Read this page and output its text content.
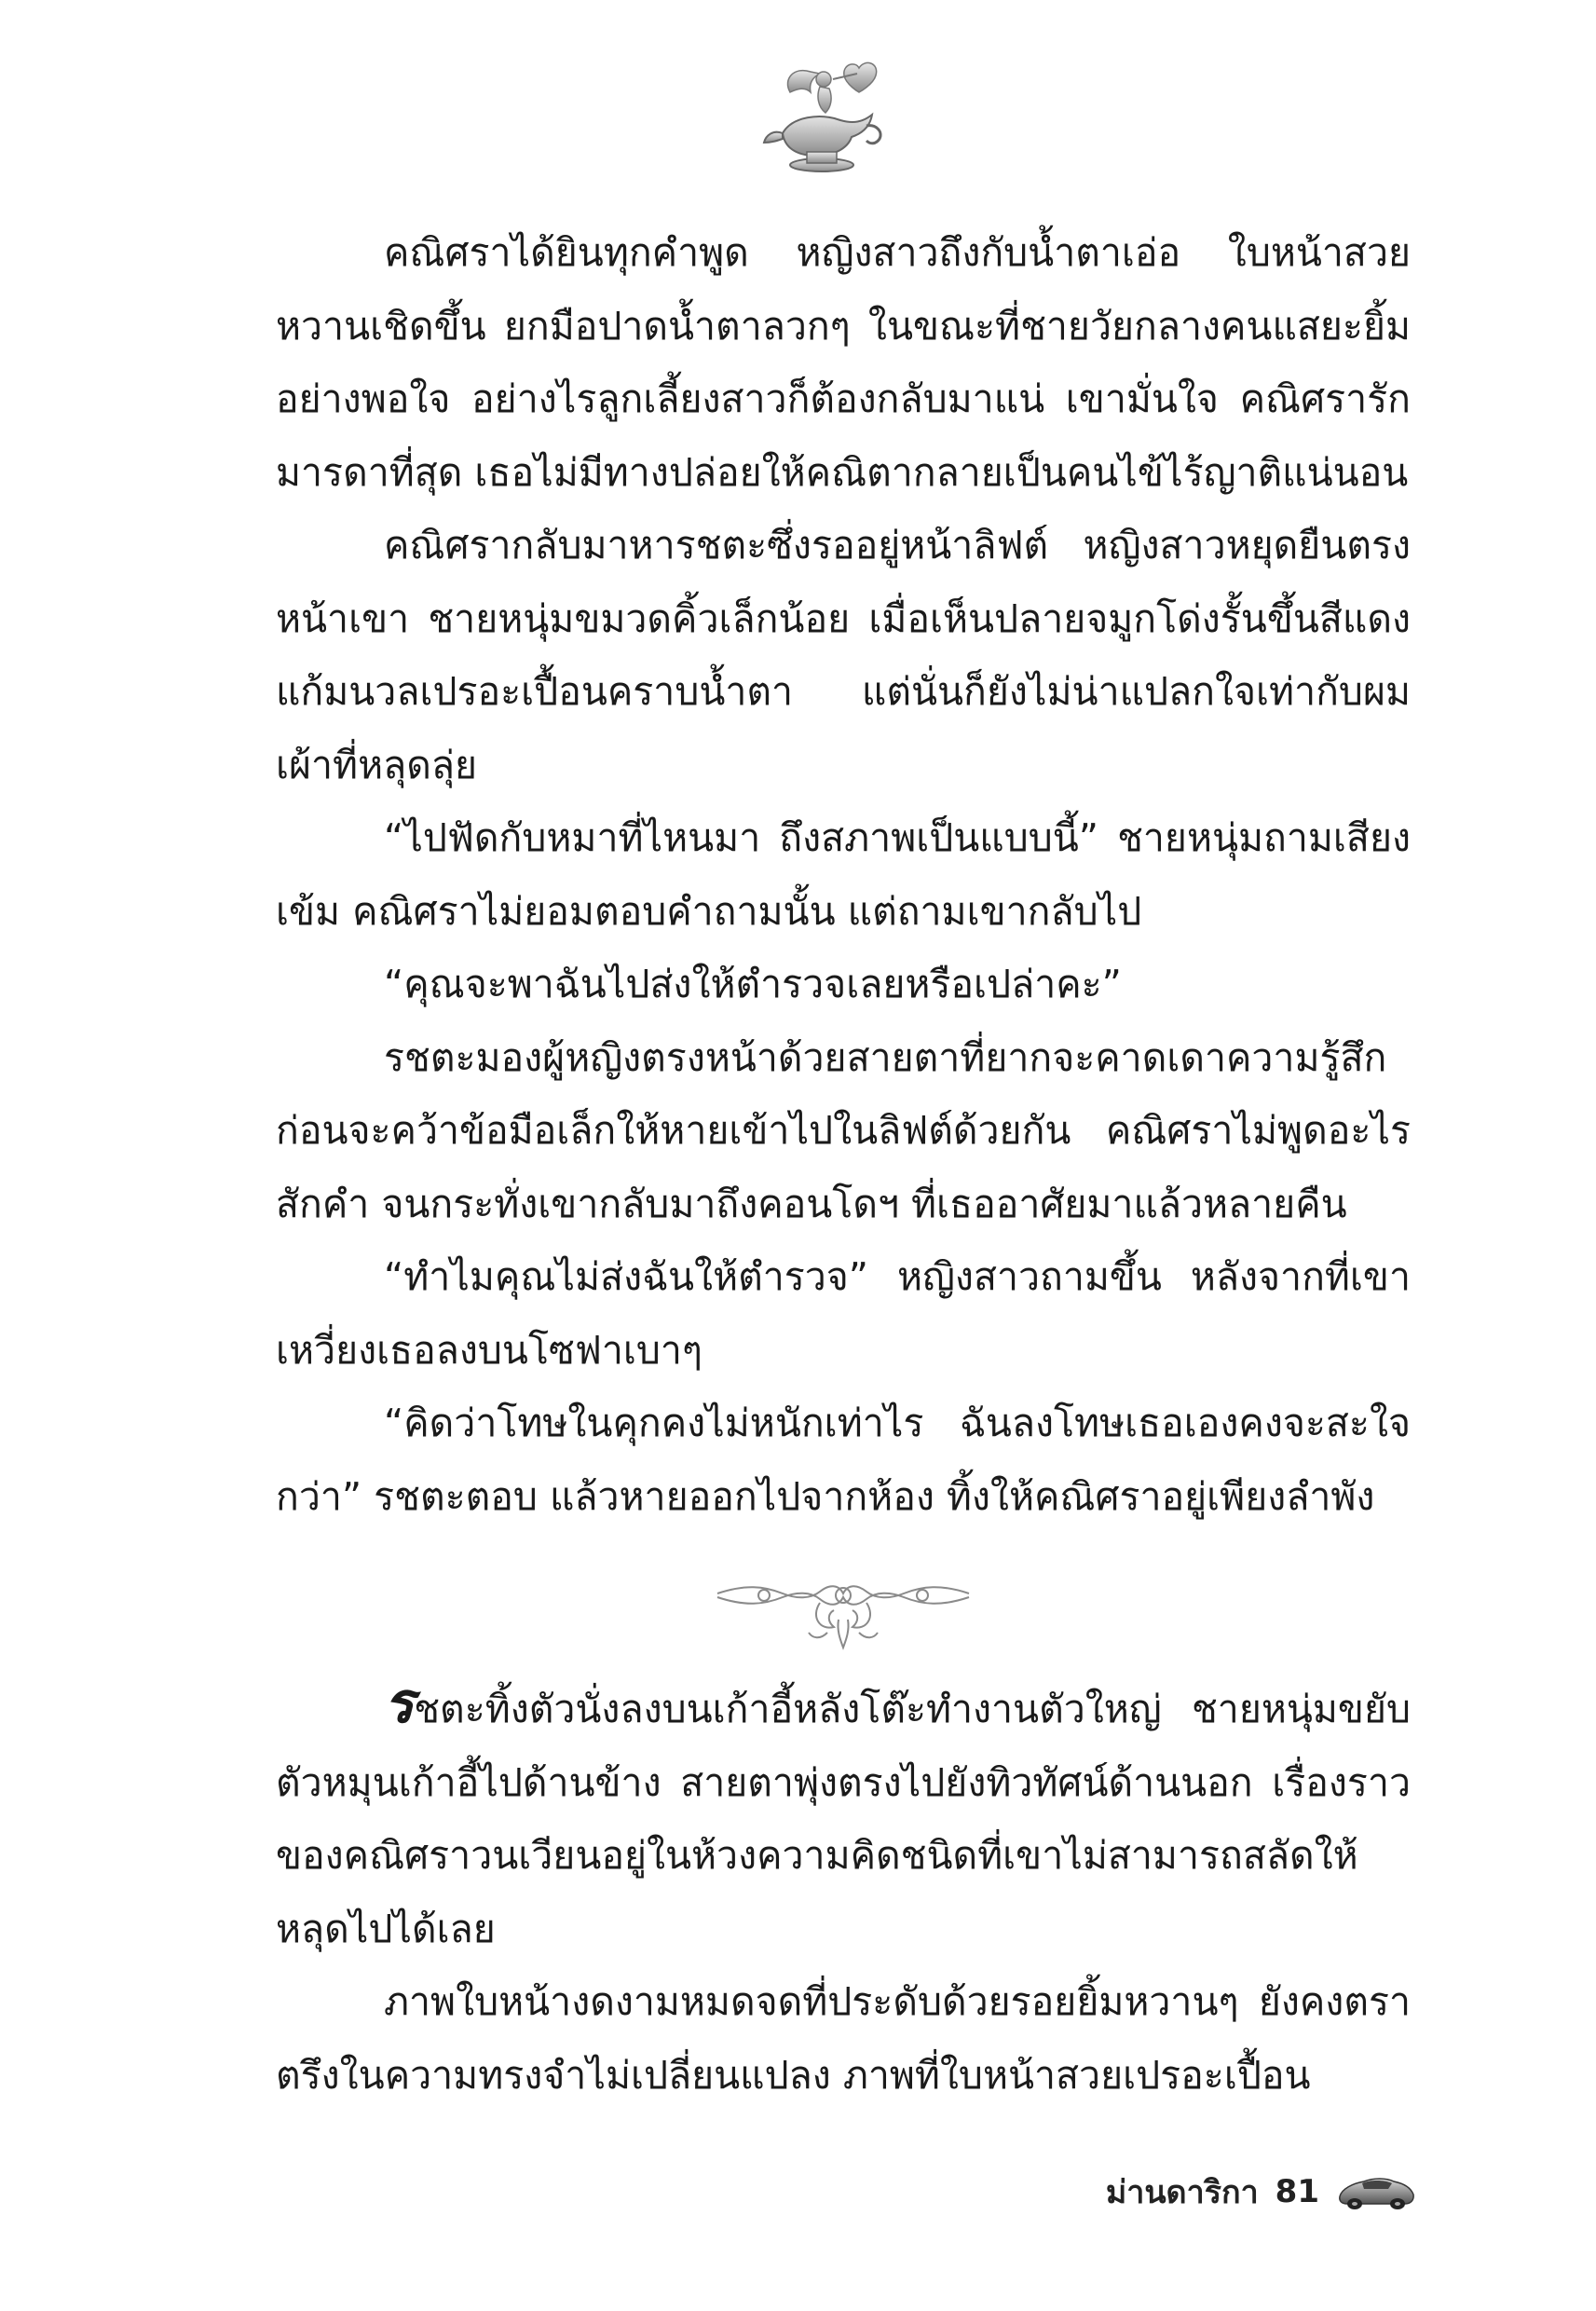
คณิศราได้ยินทุกคำพูด หญิงสาวถึงกับน้ำตาเอ่อ ใบหน้าสวยหวานเชิดขึ้น ยกมือปาดน้ำตาลวกๆ ในขณะที่ชายวัยกลางคนแสยะยิ้มอย่างพอใจ อย่างไรลูกเลี้ยงสาวก็ต้องกลับมาแน่ เขามั่นใจ คณิศรารักมารดาที่สุด เธอไม่มีทางปล่อยให้คณิตากลายเป็นคนไข้ไร้ญาติแน่นอน

คณิศรากลับมาหารชตะซึ่งรออยู่หน้าลิฟต์ หญิงสาวหยุดยืนตรงหน้าเขา ชายหนุ่มขมวดคิ้วเล็กน้อย เมื่อเห็นปลายจมูกโด่งรั้นขึ้นสีแดง แก้มนวลเปรอะเปื้อนคราบน้ำตา แต่นั่นก็ยังไม่น่าแปลกใจเท่ากับผมเผ้าที่หลุดลุ่ย

“ไปฟัดกับหมาที่ไหนมา ถึงสภาพเป็นแบบนี้” ชายหนุ่มถามเสียงเข้ม คณิศราไม่ยอมตอบคำถามนั้น แต่ถามเขากลับไป

“คุณจะพาฉันไปส่งให้ตำรวจเลยหรือเปล่าคะ”

รชตะมองผู้หญิงตรงหน้าด้วยสายตาที่ยากจะคาดเดาความรู้สึกก่อนจะคว้าข้อมือเล็กให้หายเข้าไปในลิฟต์ด้วยกัน คณิศราไม่พูดอะไรสักคำ จนกระทั่งเขากลับมาถึงคอนโดฯ ที่เธออาศัยมาแล้วหลายคืน

“ทำไมคุณไม่ส่งฉันให้ตำรวจ” หญิงสาวถามขึ้น หลังจากที่เขาเหวี่ยงเธอลงบนโซฟาเบาๆ

“คิดว่าโทษในคุกคงไม่หนักเท่าไร ฉันลงโทษเธอเองคงจะสะใจกว่า” รชตะตอบ แล้วหายออกไปจากห้อง ทิ้งให้คณิศราอยู่เพียงลำพัง

รชตะทิ้งตัวนั่งลงบนเก้าอี้หลังโต๊ะทำงานตัวใหญ่ ชายหนุ่มขยับตัวหมุนเก้าอี้ไปด้านข้าง สายตาพุ่งตรงไปยังทิวทัศน์ด้านนอก เรื่องราวของคณิศราวนเวียนอยู่ในห้วงความคิดชนิดที่เขาไม่สามารถสลัดให้หลุดไปได้เลย

ภาพใบหน้างดงามหมดจดที่ประดับด้วยรอยยิ้มหวานๆ ยังคงตราตรึงในความทรงจำไม่เปลี่ยนแปลง ภาพที่ใบหน้าสวยเปรอะเปื้อน

ม่านดาริกา 81
